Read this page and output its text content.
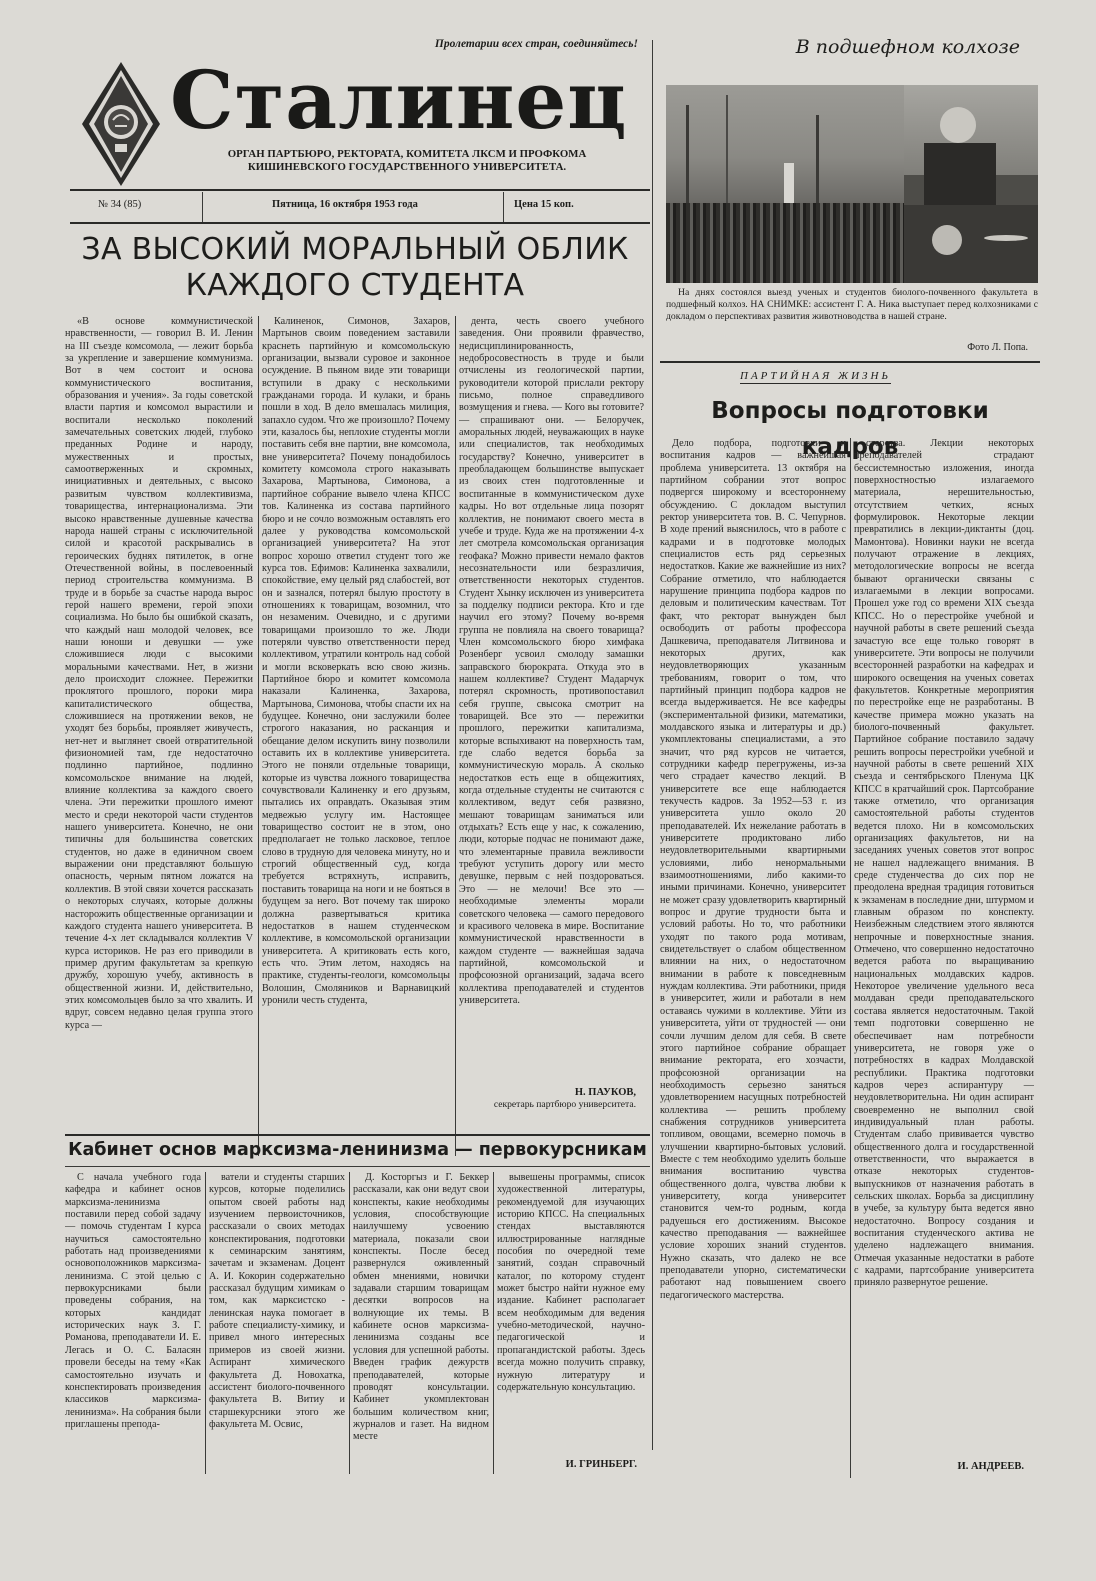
Пролетарии всех стран, соединяйтесь!
Сталинец
ОРГАН ПАРТБЮРО, РЕКТОРАТА, КОМИТЕТА ЛКСМ И ПРОФКОМА
КИШИНЕВСКОГО ГОСУДАРСТВЕННОГО УНИВЕРСИТЕТА.
№ 34 (85)	Пятница, 16 октября 1953 года	Цена 15 коп.
ЗА ВЫСОКИЙ МОРАЛЬНЫЙ ОБЛИК
КАЖДОГО СТУДЕНТА

«В основе коммунистической нравственности, — говорил В. И. Ленин на III съезде комсомола, — лежит борьба за укрепление и завершение коммунизма. Вот в чем состоит и основа коммунистического воспитания, образования и учения». За годы советской власти партия и комсомол вырастили и воспитали несколько поколений замечательных советских людей, глубоко преданных Родине и народу, мужественных и простых, самоотверженных и скромных, инициативных и деятельных, с высоко развитым чувством коллективизма, товарищества, интернационализма. Эти высоко нравственные душевные качества народа нашей страны с исключительной силой и красотой раскрывались в героических буднях пятилеток, в огне Отечественной войны, в послевоенный период строительства коммунизма. В труде и в борьбе за счастье народа вырос герой нашего времени, герой эпохи социализма. Но было бы ошибкой сказать, что каждый наш молодой человек, все наши юноши и девушки — уже сложившиеся люди с высокими моральными качествами. Нет, в жизни дело происходит сложнее. Пережитки проклятого прошлого, пороки мира капиталистического общества, сложившиеся на протяжении веков, не уходят без борьбы, проявляет живучесть, нет-нет и выглянет своей отвратительной физиономией там, где недостаточно подлинно партийное, подлинно комсомольское внимание на людей, влияние коллектива за каждого своего члена. Эти пережитки прошлого имеют место и среди некоторой части студентов нашего университета. Конечно, не они типичны для большинства советских студентов, но даже в единичном своем выражении они представляют большую опасность, черным пятном ложатся на коллектив. В этой связи хочется рассказать о некоторых случаях, которые должны насторожить общественные организации и каждого студента нашего университета. В течение 4-х лет складывался коллектив V курса историков. Не раз его приводили в пример другим факультетам за крепкую дружбу, хорошую учебу, активность в общественной жизни. И, действительно, этих комсомольцев было за что хвалить. И вдруг, совсем недавно целая группа этого курса —

Калиненок, Симонов, Захаров, Мартынов своим поведением заставили краснеть партийную и комсомольскую организации, вызвали суровое и законное осуждение. В пьяном виде эти товарищи вступили в драку с несколькими гражданами города. И кулаки, и брань пошли в ход. В дело вмешалась милиция, запахло судом. Что же произошло? Почему эти, казалось бы, неплохие студенты могли поставить себя вне партии, вне комсомола, вне университета? Почему понадобилось комитету комсомола строго наказывать Захарова, Мартынова, Симонова, а партийное собрание вывело члена КПСС тов. Калиненка из состава партийного бюро и не сочло возможным оставлять его далее у руководства комсомольской организацией университета? На этот вопрос хорошо ответил студент того же курса тов. Ефимов: Калиненка захвалили, спокойствие, ему целый ряд слабостей, вот он и зазнался, потерял былую простоту в отношениях к товарищам, возомнил, что он незаменим. Очевидно, и с другими товарищами произошло то же. Люди потеряли чувство ответственности перед коллективом, утратили контроль над собой и могли всковеркать всю свою жизнь. Партийное бюро и комитет комсомола наказали Калиненка, Захарова, Мартынова, Симонова, чтобы спасти их на будущее. Конечно, они заслужили более строгого наказания, но расканция и обещание делом искупить вину позволили оставить их в коллективе университета. Этого не поняли отдельные товарищи, которые из чувства ложного товарищества сочувствовали Калиненку и его друзьям, пытались их оправдать. Оказывая этим медвежью услугу им. Настоящее товарищество состоит не в этом, оно предполагает не только ласковое, теплое слово в трудную для человека минуту, но и строгий общественный суд, когда требуется встряхнуть, исправить, поставить товарища на ноги и не бояться в будущем за него. Вот почему так широко должна развертываться критика недостатков в нашем студенческом коллективе, в комсомольской организации университета. А критиковать есть кого, есть что. Этим летом, находясь на практике, студенты-геологи, комсомольцы Волошин, Смоляников и Варнавицкий уронили честь студента,

дента, честь своего учебного заведения. Они проявили фравчество, недисциплинированность, недобросовестность в труде и были отчислены из геологической партии, руководители которой прислали ректору письмо, полное справедливого возмущения и гнева. — Кого вы готовите? — спрашивают они. — Белоручек, аморальных людей, неуважающих в науке или специалистов, так необходимых государству? Конечно, университет в преобладающем большинстве выпускает из своих стен подготовленные и воспитанные в коммунистическом духе кадры. Но вот отдельные лица позорят коллектив, не понимают своего места в учебе и труде. Куда же на протяжении 4-х лет смотрела комсомольская организация геофака? Можно привести немало фактов несознательности или безразличия, ответственности некоторых студентов. Студент Хынку исключен из университета за подделку подписи ректора. Кто и где научил его этому? Почему во-время группа не повлияла на своего товарища? Член комсомольского бюро химфака Розенберг усвоил смолоду замашки заправского бюрократа. Откуда это в нашем коллективе? Студент Мадарчук потерял скромность, противопоставил себя группе, свысока смотрит на товарищей. Все это — пережитки прошлого, пережитки капитализма, которые вспыхивают на поверхность там, где слабо ведется борьба за коммунистическую мораль. А сколько недостатков есть еще в общежитиях, когда отдельные студенты не считаются с коллективом, ведут себя развязно, мешают товарищам заниматься или отдыхать? Есть еще у нас, к сожалению, люди, которые подчас не понимают даже, что элементарные правила вежливости требуют уступить дорогу или место девушке, первым с ней поздороваться. Это — не мелочи! Все это — необходимые элементы морали советского человека — самого передового и красивого человека в мире. Воспитание коммунистической нравственности в каждом студенте — важнейшая задача партийной, комсомольской и профсоюзной организаций, задача всего коллектива преподавателей и студентов университета.

Н. ПАУКОВ,
секретарь партбюро университета.
Кабинет основ марксизма-ленинизма — первокурсникам

С начала учебного года кафедра и кабинет основ марксизма-ленинизма поставили перед собой задачу — помочь студентам I курса научиться самостоятельно работать над произведениями основоположников марксизма-ленинизма. С этой целью с первокурсниками были проведены собрания, на которых кандидат исторических наук З. Г. Романова, преподаватели И. Е. Легась и О. С. Баласян провели беседы на тему «Как самостоятельно изучать и конспектировать произведения классиков марксизма-ленинизма». На собрания были приглашены препода-

ватели и студенты старших курсов, которые поделились опытом своей работы над изучением первоисточников, рассказали о своих методах конспектирования, подготовки к семинарским занятиям, зачетам и экзаменам. Доцент А. И. Кокорин содержательно рассказал будущим химикам о том, как марксистско - ленинская наука помогает в работе специалисту-химику, и привел много интересных примеров из своей жизни. Аспирант химического факультета Д. Новохатка, ассистент биолого-почвенного факультета В. Витиу и старшекурсники этого же факультета М. Освис,

Д. Косторгыз и Г. Беккер рассказали, как они ведут свои конспекты, какие необходимы условия, способствующие наилучшему усвоению материала, показали свои конспекты. После бесед развернулся оживленный обмен мнениями, новички задавали старшим товарищам десятки вопросов на волнующие их темы. В кабинете основ марксизма-ленинизма созданы все условия для успешной работы. Введен график дежурств преподавателей, которые проводят консультации. Кабинет укомплектован большим количеством книг, журналов и газет. На видном месте

вывешены программы, список художественной литературы, рекомендуемой для изучающих историю КПСС. На специальных стендах выставляются иллюстрированные наглядные пособия по очередной теме занятий, создан справочный каталог, по которому студент может быстро найти нужное ему издание. Кабинет располагает всем необходимым для ведения учебно-методической, научно-педагогической и пропагандистской работы. Здесь всегда можно получить справку, нужную литературу и содержательную консультацию.

И. ГРИНБЕРГ.
В подшефном колхозе
На днях состоялся выезд ученых и студентов биолого-почвенного факультета в подшефный колхоз. НА СНИМКЕ: ассистент Г. А. Ника выступает перед колхозниками с докладом о перспективах развития животноводства в нашей стране.
Фото Л. Попа.
ПАРТИЙНАЯ ЖИЗНЬ
Вопросы подготовки кадров

Дело подбора, подготовки и воспитания кадров — важнейшая проблема университета. 13 октября на партийном собрании этот вопрос подвергся широкому и всестороннему обсуждению. С докладом выступил ректор университета тов. В. С. Чепурнов. В ходе прений выяснилось, что в работе с кадрами и в подготовке молодых специалистов есть ряд серьезных недостатков. Какие же важнейшие из них? Собрание отметило, что наблюдается нарушение принципа подбора кадров по деловым и политическим качествам. Тот факт, что ректорат вынужден был освободить от работы профессора Дашкевича, преподавателя Литвинова и некоторых других, как неудовлетворяющих указанным требованиям, говорит о том, что партийный принцип подбора кадров не всегда выдерживается. Не все кафедры (экспериментальной физики, математики, молдавского языка и литературы и др.) укомплектованы специалистами, а это значит, что ряд курсов не читается, сотрудники кафедр перегружены, из-за чего страдает качество лекций. В университете все еще наблюдается текучесть кадров. За 1952—53 г. из университета ушло около 20 преподавателей. Их нежелание работать в университете продиктовано либо неудовлетворительными квартирными условиями, либо ненормальными взаимоотношениями, либо какими-то иными причинами. Конечно, университет не может сразу удовлетворить квартирный вопрос и другие трудности быта и условий работы. Но то, что работники уходят по такого рода мотивам, свидетельствует о слабом общественном влиянии на них, о недостаточном внимании в работе к повседневным нуждам коллектива. Эти работники, придя в университет, жили и работали в нем оставаясь чужими в коллективе. Уйти из университета, уйти от трудностей — они сочли лучшим делом для себя. В свете этого партийное собрание обращает внимание ректората, его хозчасти, профсоюзной организации на необходимость серьезно заняться удовлетворением насущных потребностей коллектива — решить проблему снабжения сотрудников университета топливом, овощами, всемерно помочь в улучшении квартирно-бытовых условий. Вместе с тем необходимо уделить больше внимания воспитанию чувства общественного долга, чувства любви к университету, когда университет становится чем-то родным, когда радуешься его достижениям. Высокое качество преподавания — важнейшее условие хороших знаний студентов. Нужно сказать, что далеко не все преподаватели упорно, систематически работают над повышением своего педагогического мастерства.

стерства. Лекции некоторых преподавателей страдают бессистемностью изложения, иногда поверхностностью излагаемого материала, нерешительностью, отсутствием четких, ясных формулировок. Некоторые лекции превратились в лекции-диктанты (доц. Мамонтова). Новинки науки не всегда получают отражение в лекциях, методологические вопросы не всегда бывают органически связаны с излагаемыми в лекции вопросами. Прошел уже год со времени XIX съезда КПСС. Но о перестройке учебной и научной работы в свете решений съезда зачастую все еще только говорят в университете. Эти вопросы не получили всесторонней разработки на кафедрах и широкого освещения на ученых советах факультетов. Конкретные мероприятия по перестройке еще не разработаны. В качестве примера можно указать на биолого-почвенный факультет. Партийное собрание поставило задачу решить вопросы перестройки учебной и научной работы в свете решений XIX съезда и сентябрьского Пленума ЦК КПСС в кратчайший срок. Партсобрание также отметило, что организация самостоятельной работы студентов ведется плохо. Ни в комсомольских организациях факультетов, ни на заседаниях ученых советов этот вопрос не нашел надлежащего внимания. В среде студенчества до сих пор не преодолена вредная традиция готовиться к экзаменам в последние дни, штурмом и главным образом по конспекту. Неизбежным следствием этого являются непрочные и поверхностные знания. Отмечено, что совершенно недостаточно ведется работа по выращиванию национальных молдавских кадров. Некоторое увеличение удельного веса молдаван среди преподавательского состава является недостаточным. Такой темп подготовки совершенно не обеспечивает нам потребности университета, не говоря уже о потребностях в кадрах Молдавской республики. Практика подготовки кадров через аспирантуру — неудовлетворительна. Ни один аспирант своевременно не выполнил свой индивидуальный план работы. Студентам слабо прививается чувство общественного долга и государственной ответственности, что выражается в отказе некоторых студентов-выпускников от назначения работать в сельских школах. Борьба за дисциплину в учебе, за культуру быта ведется явно недостаточно. Вопросу создания и воспитания студенческого актива не уделено надлежащего внимания. Отмечая указанные недостатки в работе с кадрами, партсобрание университета приняло развернутое решение.

И. АНДРЕЕВ.
